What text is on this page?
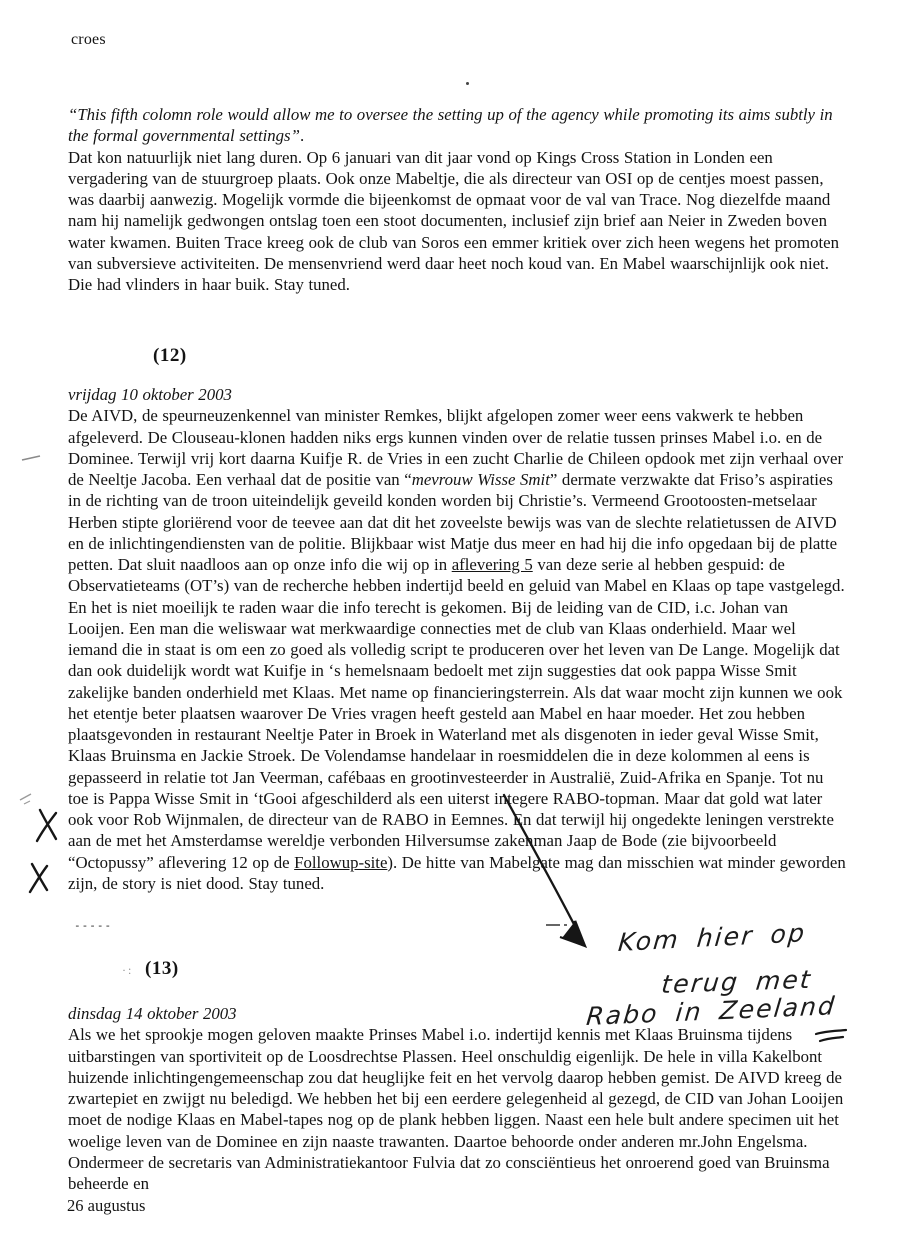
croes

“This fifth colomn role would allow me to oversee the setting up of the agency while promoting its aims subtly in the formal governmental settings”.

Dat kon natuurlijk niet lang duren. Op 6 januari van dit jaar vond op Kings Cross Station in Londen een vergadering van de stuurgroep plaats. Ook onze Mabeltje, die als directeur van OSI op de centjes moest passen, was daarbij aanwezig. Mogelijk vormde die bijeenkomst de opmaat voor de val van Trace. Nog diezelfde maand nam hij namelijk gedwongen ontslag toen een stoot documenten, inclusief zijn brief aan Neier in Zweden boven water kwamen. Buiten Trace kreeg ook de club van Soros een emmer kritiek over zich heen wegens het promoten van subversieve activiteiten. De mensenvriend werd daar heet noch koud van. En Mabel waarschijnlijk ook niet. Die had vlinders in haar buik. Stay tuned.

(12)

vrijdag 10 oktober 2003

De AIVD, de speurneuzenkennel van minister Remkes, blijkt afgelopen zomer weer eens vakwerk te hebben afgeleverd. De Clouseau-klonen hadden niks ergs kunnen vinden over de relatie tussen prinses Mabel i.o. en de Dominee. Terwijl vrij kort daarna Kuifje R. de Vries in een zucht Charlie de Chileen opdook met zijn verhaal over de Neeltje Jacoba. Een verhaal dat de positie van “mevrouw Wisse Smit” dermate verzwakte dat Friso’s aspiraties in de richting van de troon uiteindelijk geveild konden worden bij Christie’s. Vermeend Grootoosten-metselaar Herben stipte gloriërend voor de teevee aan dat dit het zoveelste bewijs was van de slechte relatietussen de AIVD en de inlichtingendiensten van de politie. Blijkbaar wist Matje dus meer en had hij die info opgedaan bij de platte petten. Dat sluit naadloos aan op onze info die wij op in aflevering 5 van deze serie al hebben gespuid: de Observatieteams (OT’s) van de recherche hebben indertijd beeld en geluid van Mabel en Klaas op tape vastgelegd. En het is niet moeilijk te raden waar die info terecht is gekomen. Bij de leiding van de CID, i.c. Johan van Looijen. Een man die weliswaar wat merkwaardige connecties met de club van Klaas onderhield. Maar wel iemand die in staat is om een zo goed als volledig script te produceren over het leven van De Lange. Mogelijk dat dan ook duidelijk wordt wat Kuifje in ‘s hemelsnaam bedoelt met zijn suggesties dat ook pappa Wisse Smit zakelijke banden onderhield met Klaas. Met name op financieringsterrein. Als dat waar mocht zijn kunnen we ook het etentje beter plaatsen waarover De Vries vragen heeft gesteld aan Mabel en haar moeder. Het zou hebben plaatsgevonden in restaurant Neeltje Pater in Broek in Waterland met als disgenoten in ieder geval Wisse Smit, Klaas Bruinsma en Jackie Stroek. De Volendamse handelaar in roesmiddelen die in deze kolommen al eens is gepasseerd in relatie tot Jan Veerman, cafébaas en grootinvesteerder in Australië, Zuid-Afrika en Spanje. Tot nu toe is Pappa Wisse Smit in ‘tGooi afgeschilderd als een uiterst integere RABO-topman. Maar dat gold wat later ook voor Rob Wijnmalen, de directeur van de RABO in Eemnes. En dat terwijl hij ongedekte leningen verstrekte aan de met het Amsterdamse wereldje verbonden Hilversumse zakenman Jaap de Bode (zie bijvoorbeeld “Octopussy” aflevering 12 op de Followup-site). De hitte van Mabelgate mag dan misschien wat minder geworden zijn, de story is niet dood. Stay tuned.

-----
·: (13)

dinsdag 14 oktober 2003

Als we het sprookje mogen geloven maakte Prinses Mabel i.o. indertijd kennis met Klaas Bruinsma tijdens uitbarstingen van sportiviteit op de Loosdrechtse Plassen. Heel onschuldig eigenlijk. De hele in villa Kakelbont huizende inlichtingengemeenschap zou dat heuglijke feit en het vervolg daarop hebben gemist. De AIVD kreeg de zwartepiet en zwijgt nu beledigd. We hebben het bij een eerdere gelegenheid al gezegd, de CID van Johan Looijen moet de nodige Klaas en Mabel-tapes nog op de plank hebben liggen. Naast een hele bult andere specimen uit het woelige leven van de Dominee en zijn naaste trawanten. Daartoe behoorde onder anderen mr.John Engelsma. Ondermeer de secretaris van Administratiekantoor Fulvia dat zo consciëntieus het onroerend goed van Bruinsma beheerde en

26 augustus
Kom hier op
terug met
Rabo in Zeeland
